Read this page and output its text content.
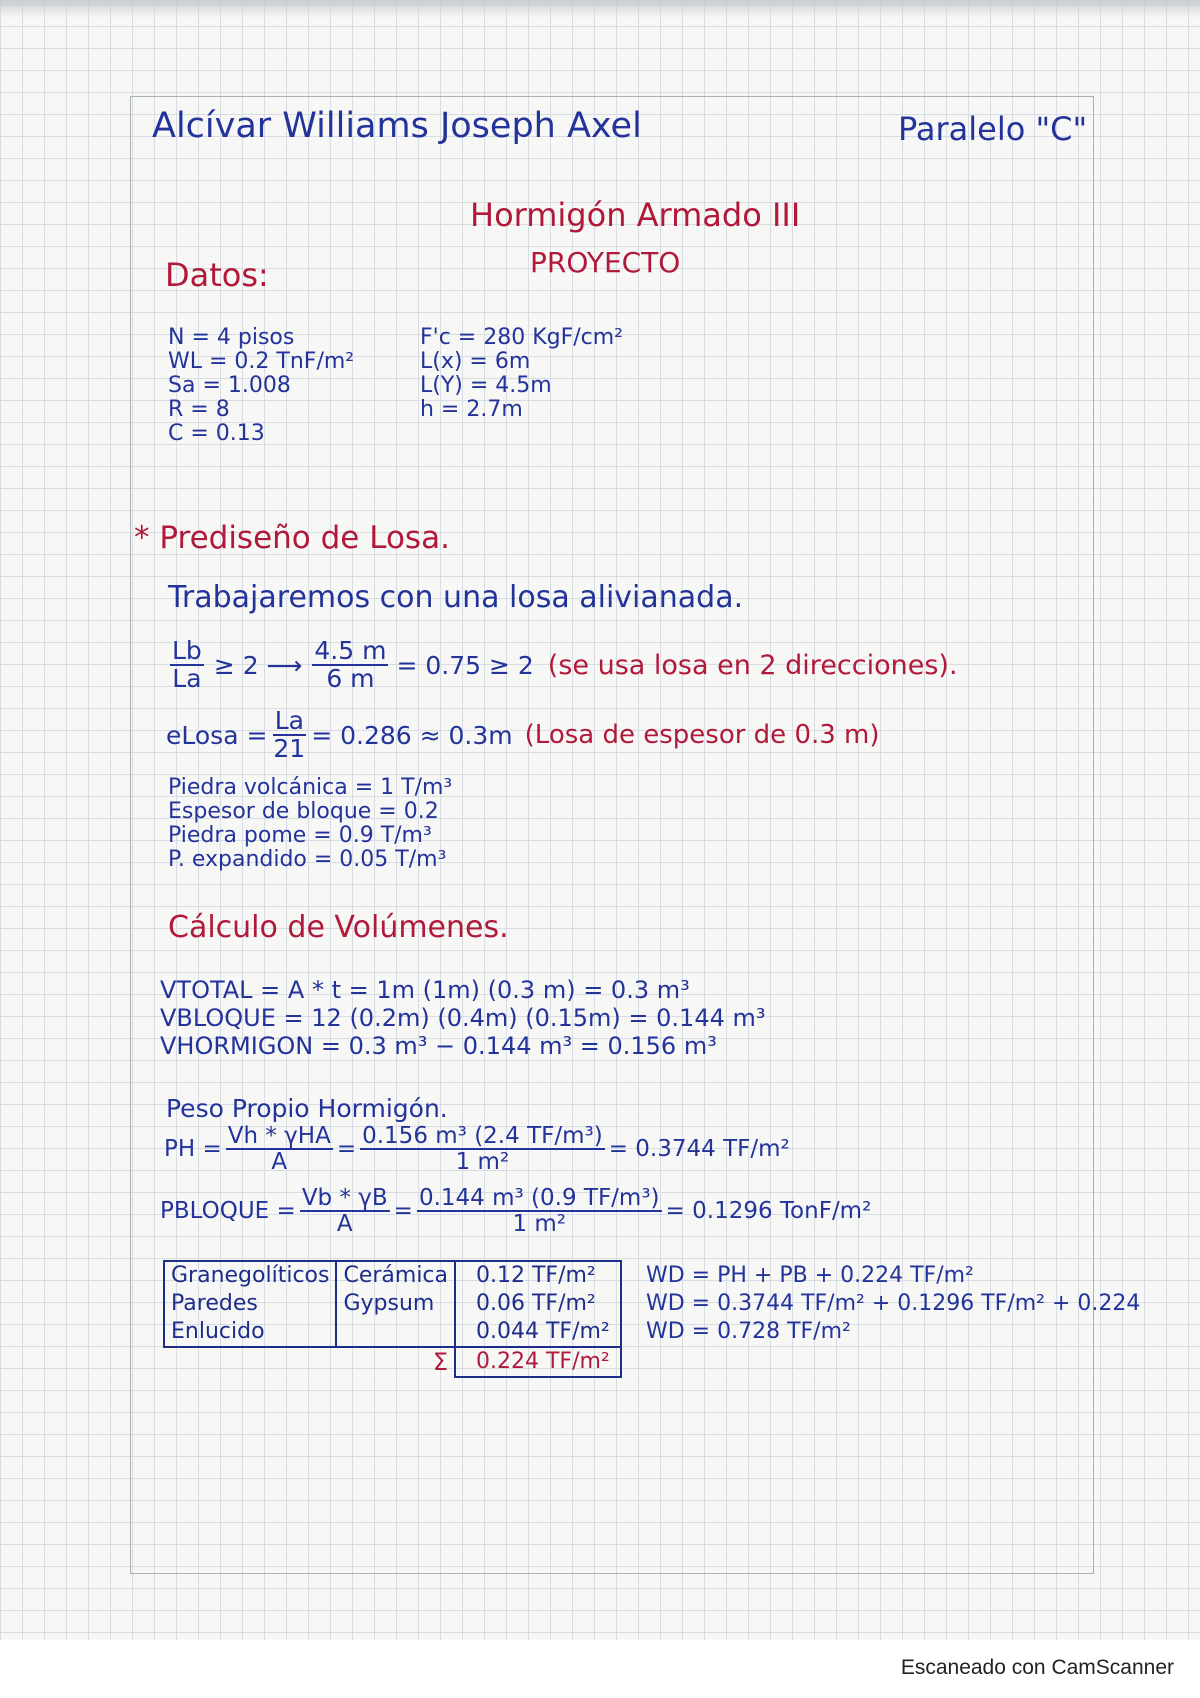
Alcívar Williams Joseph Axel	Paralelo "C"
Hormigón Armado III
PROYECTO
Datos:
N = 4 pisos
WL = 0.2 TnF/m²
Sa = 1.008
R = 8
C = 0.13
F'c = 280 KgF/cm²
L(x) = 6m
L(Y) = 4.5m
h = 2.7m
* Prediseño de Losa.
Trabajaremos con una losa alivianada.
$\frac{Lb}{La} \ge 2$ ⟶ $\frac{4.5 m}{6 m} = 0.75 \ge 2$ (se usa losa en 2 direcciones).
eLosa = $\frac{La}{21} = 0.286 \approx 0.3m$ (Losa de espesor de 0.3 m)
Piedra volcánica = 1 T/m³
Espesor de bloque = 0.2
Piedra pome = 0.9 T/m³
P. expandido = 0.05 T/m³
Cálculo de Volúmenes.
VTOTAL = A * t = 1m (1m) (0.3 m) = 0.3 m³
VBLOQUE = 12 (0.2m) (0.4m) (0.15m) = 0.144 m³
VHORMIGON = 0.3 m³ − 0.144 m³ = 0.156 m³
Peso Propio Hormigón.
PH = $\frac{\text{Vh * γHA}}{A} = \frac{\text{0.156 m³ (2.4 TF/m³)}}{\text{1 m²}} = 0.3744$ TF/m²
PBLOQUE = $\frac{Vb * \gamma B}{A} = \frac{\text{0.144 m³ (0.9 TF/m³)}}{\text{1 m²}} = 0.1296$ TonF/m²
Granegolíticos	Cerámica	0.12 TF/m²
Paredes	Gypsum	0.06 TF/m²
Enlucido		0.044 TF/m²
	Σ	0.224 TF/m²
WD = PH + PB + 0.224 TF/m²
WD = 0.3744 TF/m² + 0.1296 TF/m² + 0.224
WD = 0.728 TF/m²
Escaneado con CamScanner
